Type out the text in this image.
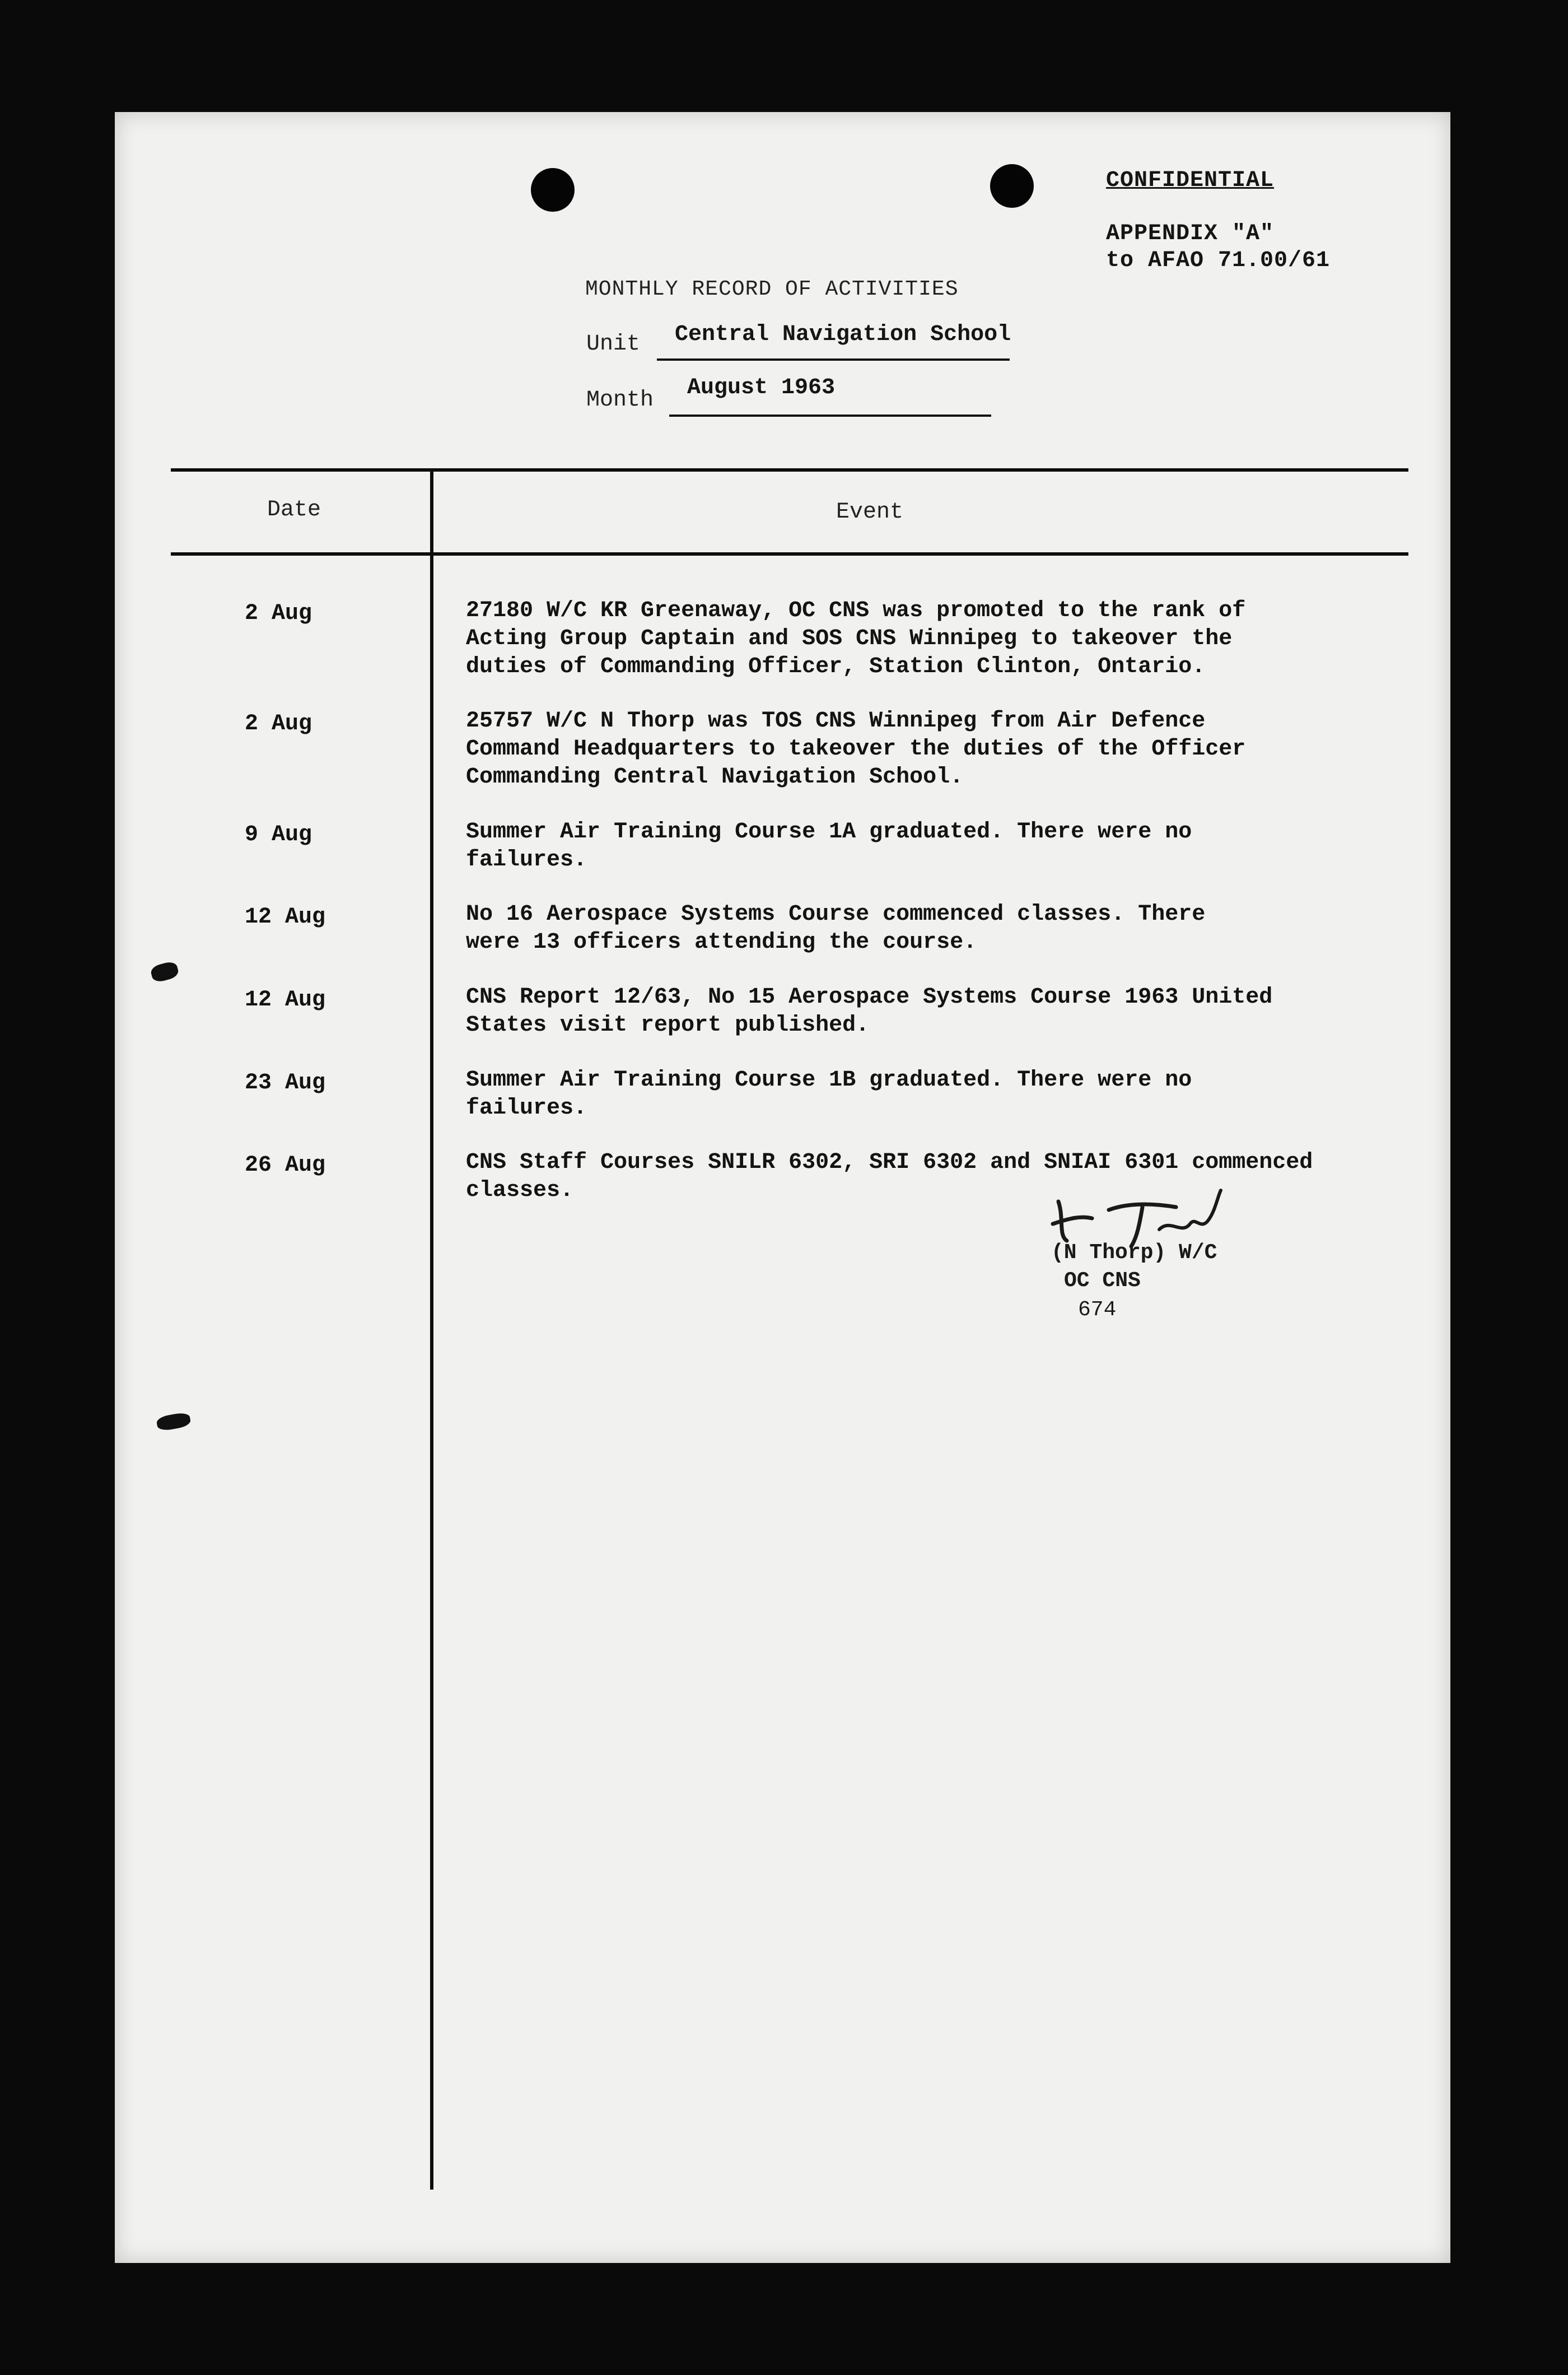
CONFIDENTIAL
APPENDIX "A"
to AFAO 71.00/61
MONTHLY RECORD OF ACTIVITIES
Unit Central Navigation School
Month August 1963
Date	Event
2 Aug	27180 W/C KR Greenaway, OC CNS was promoted to the rank of
Acting Group Captain and SOS CNS Winnipeg to takeover the
duties of Commanding Officer, Station Clinton, Ontario.
2 Aug	25757 W/C N Thorp was TOS CNS Winnipeg from Air Defence
Command Headquarters to takeover the duties of the Officer
Commanding Central Navigation School.
9 Aug	Summer Air Training Course 1A graduated. There were no
failures.
12 Aug	No 16 Aerospace Systems Course commenced classes. There
were 13 officers attending the course.
12 Aug	CNS Report 12/63, No 15 Aerospace Systems Course 1963 United
States visit report published.
23 Aug	Summer Air Training Course 1B graduated. There were no
failures.
26 Aug	CNS Staff Courses SNILR 6302, SRI 6302 and SNIAI 6301 commenced
classes.
(N Thorp) W/C
OC CNS
674
